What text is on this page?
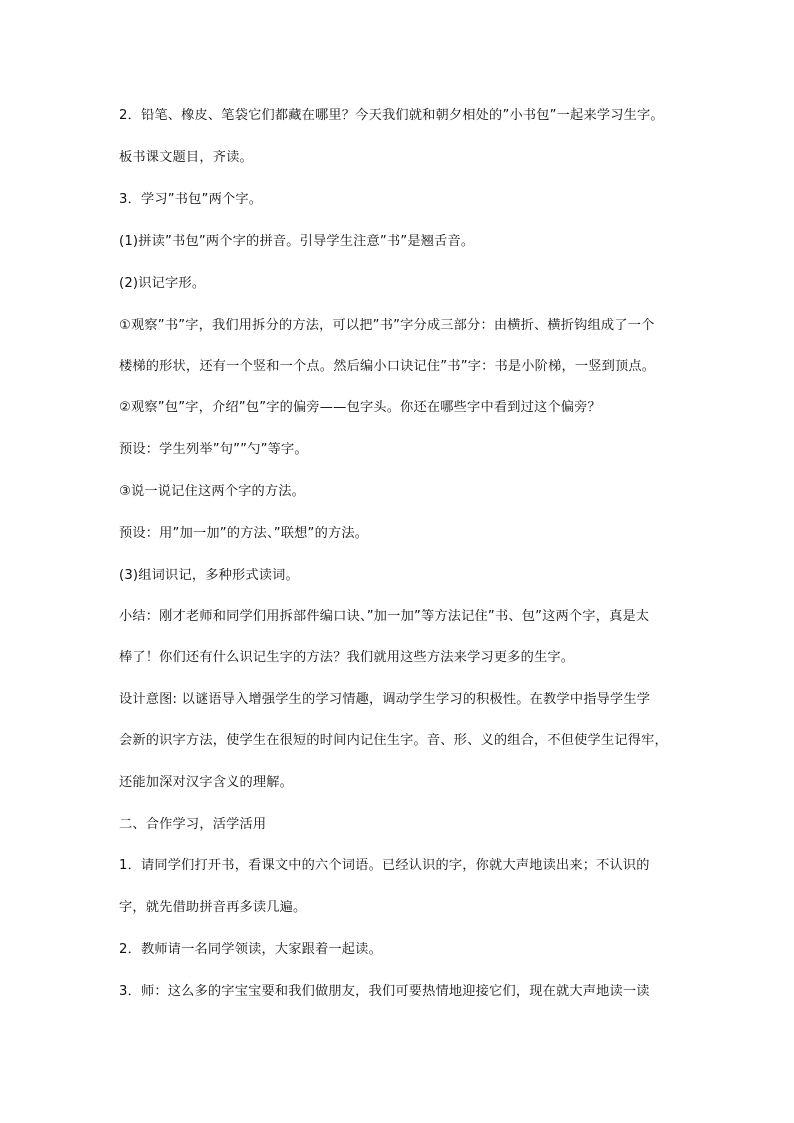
2．铅笔、橡皮、笔袋它们都藏在哪里？今天我们就和朝夕相处的”小书包”一起来学习生字。
板书课文题目，齐读。
3．学习”书包”两个字。
(1)拼读”书包”两个字的拼音。引导学生注意”书”是翘舌音。
(2)识记字形。
①观察”书”字，我们用拆分的方法，可以把”书”字分成三部分：由横折、横折钩组成了一个
楼梯的形状，还有一个竖和一个点。然后编小口诀记住”书”字：书是小阶梯，一竖到顶点。
②观察”包”字，介绍”包”字的偏旁——包字头。你还在哪些字中看到过这个偏旁？
预设：学生列举”句””勺”等字。
③说一说记住这两个字的方法。
预设：用”加一加”的方法、”联想”的方法。
(3)组词识记，多种形式读词。
小结：刚才老师和同学们用拆部件编口诀、”加一加”等方法记住”书、包”这两个字，真是太
棒了！你们还有什么识记生字的方法？我们就用这些方法来学习更多的生字。
设计意图: 以谜语导入增强学生的学习情趣，调动学生学习的积极性。在教学中指导学生学
会新的识字方法，使学生在很短的时间内记住生字。音、形、义的组合，不但使学生记得牢，
还能加深对汉字含义的理解。
二、合作学习，活学活用
1．请同学们打开书，看课文中的六个词语。已经认识的字，你就大声地读出来；不认识的
字，就先借助拼音再多读几遍。
2．教师请一名同学领读，大家跟着一起读。
3．师：这么多的字宝宝要和我们做朋友，我们可要热情地迎接它们，现在就大声地读一读
